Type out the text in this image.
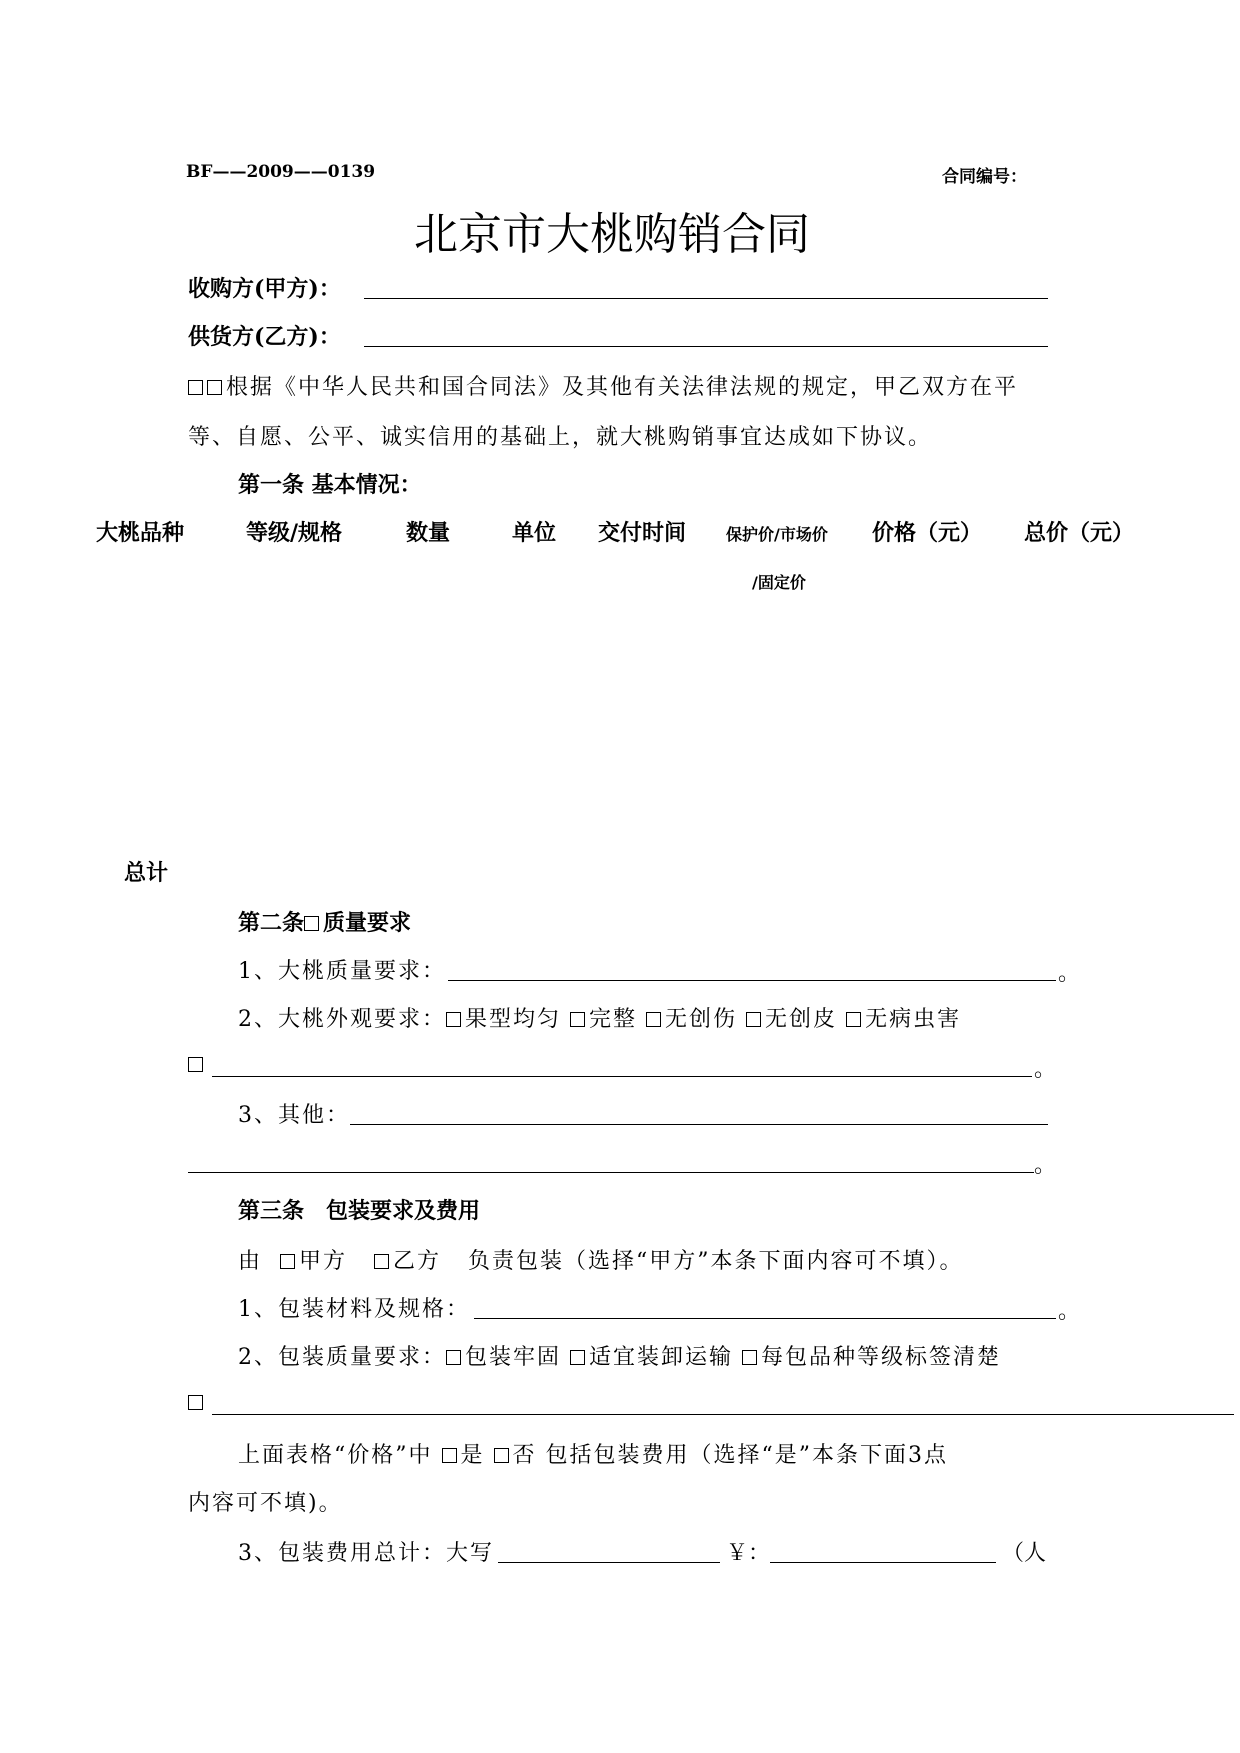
BF——2009——0139	合同编号：
北京市大桃购销合同
收购方(甲方)：
供货方(乙方)：
根据《中华人民共和国合同法》及其他有关法律法规的规定，甲乙双方在平
等、自愿、公平、诚实信用的基础上，就大桃购销事宜达成如下协议。
第一条 基本情况：
大桃品种	等级/规格	数量	单位 交付时间 保护价/市场价 价格（元） 总价（元）
/固定价
总计
第二条 质量要求
1、大桃质量要求：	。
2、大桃外观要求： 果型均匀 完整 无创伤 无创皮 无病虫害
。
3、其他：
。
第三条　包装要求及费用
由 甲方 乙方 负责包装（选择“甲方”本条下面内容可不填）。
1、包装材料及规格：	。
2、包装质量要求： 包装牢固 适宜装卸运输 每包品种等级标签清楚
上面表格“价格”中 是 否 包括包装费用（选择“是”本条下面3点
内容可不填)。
3、包装费用总计：大写	￥：	（人
